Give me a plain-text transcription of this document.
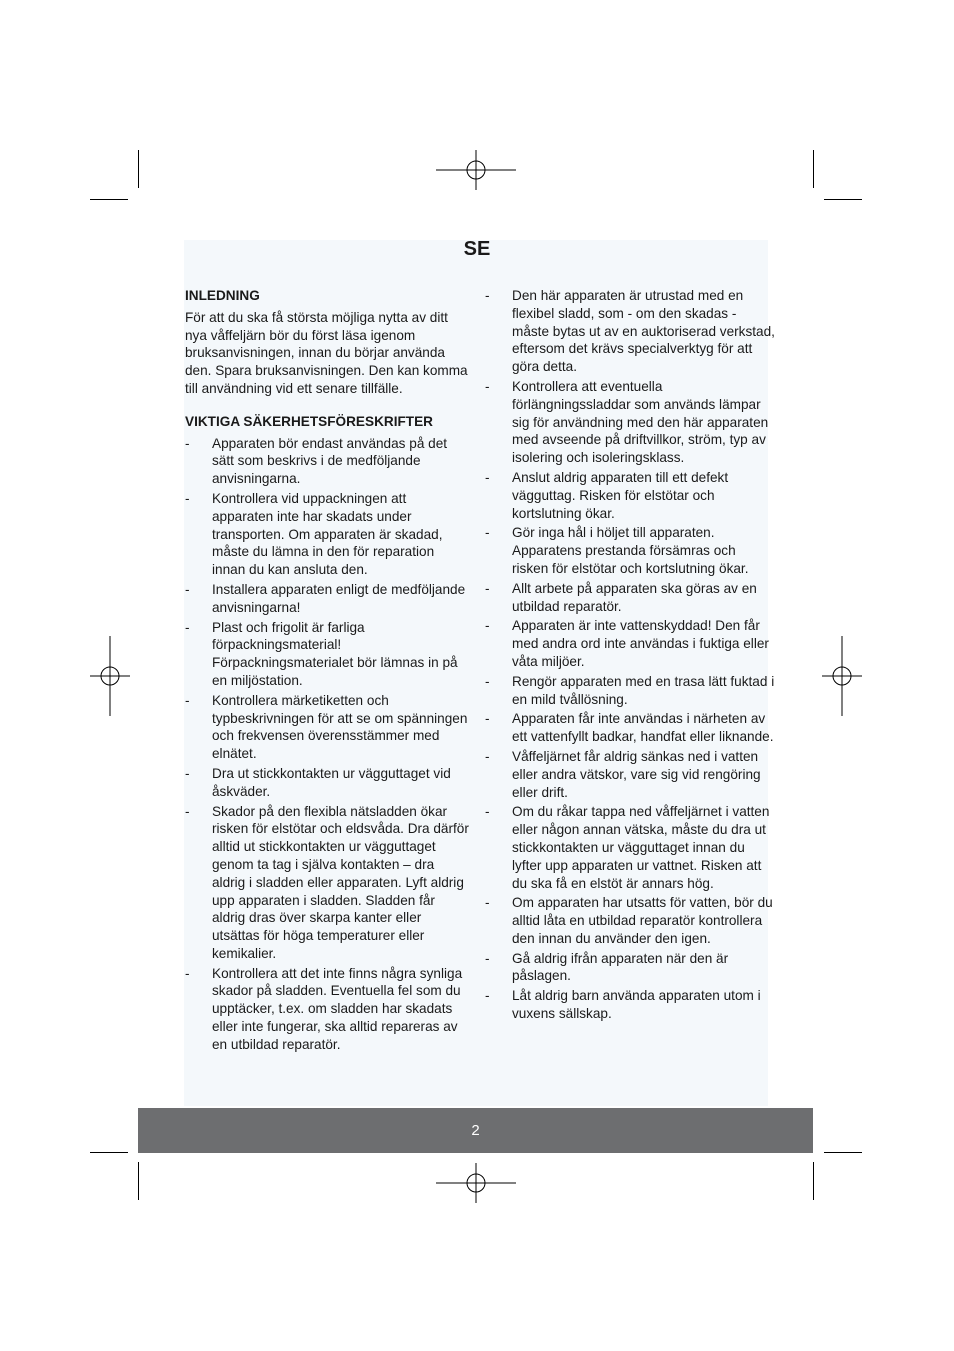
SE
INLEDNING
För att du ska få största möjliga nytta av ditt nya våffeljärn bör du först läsa igenom bruksanvisningen, innan du börjar använda den. Spara bruksanvisningen. Den kan komma till användning vid ett senare tillfälle.
VIKTIGA SÄKERHETSFÖRESKRIFTER
- Apparaten bör endast användas på det sätt som beskrivs i de medföljande anvisningarna.
- Kontrollera vid uppackningen att apparaten inte har skadats under transporten. Om apparaten är skadad, måste du lämna in den för reparation innan du kan ansluta den.
- Installera apparaten enligt de medföljande anvisningarna!
- Plast och frigolit är farliga förpackningsmaterial! Förpackningsmaterialet bör lämnas in på en miljöstation.
- Kontrollera märketiketten och typbeskrivningen för att se om spänningen och frekvensen överensstämmer med elnätet.
- Dra ut stickkontakten ur vägguttaget vid åskväder.
- Skador på den flexibla nätsladden ökar risken för elstötar och eldsvåda. Dra därför alltid ut stickkontakten ur vägguttaget genom ta tag i själva kontakten – dra aldrig i sladden eller apparaten. Lyft aldrig upp apparaten i sladden. Sladden får aldrig dras över skarpa kanter eller utsättas för höga temperaturer eller kemikalier.
- Kontrollera att det inte finns några synliga skador på sladden. Eventuella fel som du upptäcker, t.ex. om sladden har skadats eller inte fungerar, ska alltid repareras av en utbildad reparatör.
- Den här apparaten är utrustad med en flexibel sladd, som - om den skadas - måste bytas ut av en auktoriserad verkstad, eftersom det krävs specialverktyg för att göra detta.
- Kontrollera att eventuella förlängningssladdar som används lämpar sig för användning med den här apparaten med avseende på driftvillkor, ström, typ av isolering och isoleringsklass.
- Anslut aldrig apparaten till ett defekt vägguttag. Risken för elstötar och kortslutning ökar.
- Gör inga hål i höljet till apparaten. Apparatens prestanda försämras och risken för elstötar och kortslutning ökar.
- Allt arbete på apparaten ska göras av en utbildad reparatör.
- Apparaten är inte vattenskyddad! Den får med andra ord inte användas i fuktiga eller våta miljöer.
- Rengör apparaten med en trasa lätt fuktad i en mild tvållösning.
- Apparaten får inte användas i närheten av ett vattenfyllt badkar, handfat eller liknande.
- Våffeljärnet får aldrig sänkas ned i vatten eller andra vätskor, vare sig vid rengöring eller drift.
- Om du råkar tappa ned våffeljärnet i vatten eller någon annan vätska, måste du dra ut stickkontakten ur vägguttaget innan du lyfter upp apparaten ur vattnet. Risken att du ska få en elstöt är annars hög.
- Om apparaten har utsatts för vatten, bör du alltid låta en utbildad reparatör kontrollera den innan du använder den igen.
- Gå aldrig ifrån apparaten när den är påslagen.
- Låt aldrig barn använda apparaten utom i vuxens sällskap.
2
